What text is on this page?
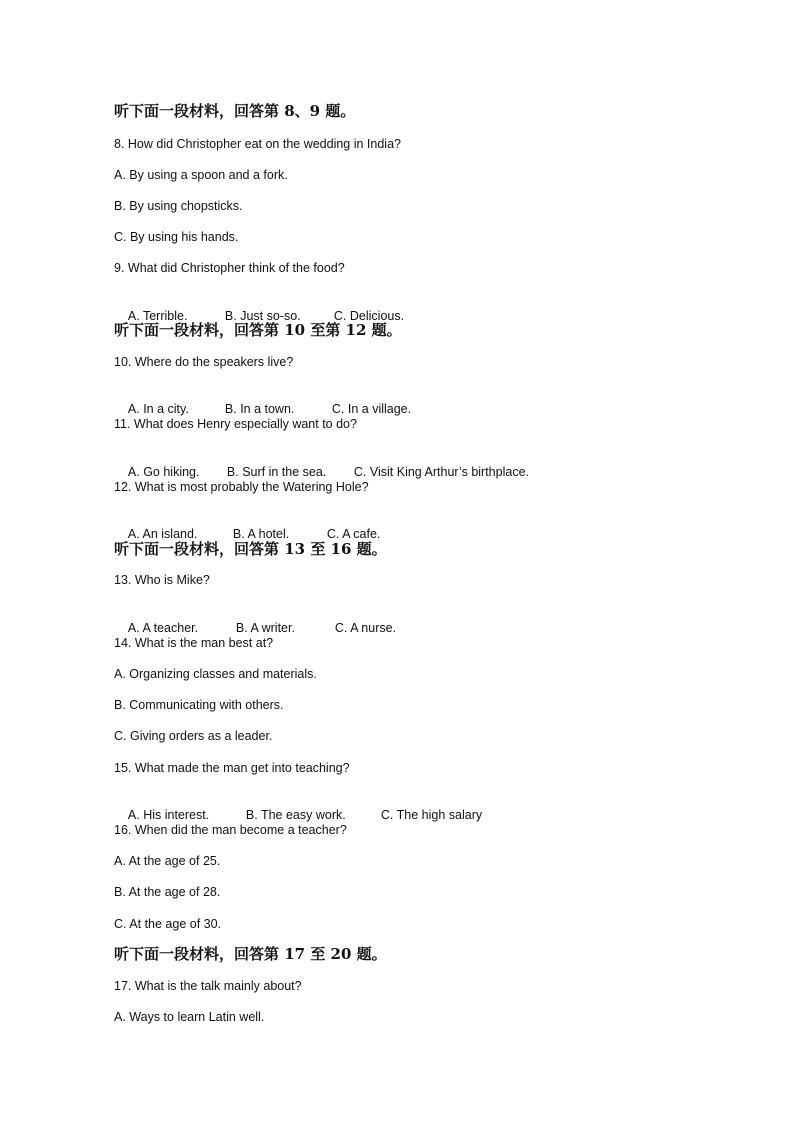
听下面一段材料，回答第 8、9 题。
8. How did Christopher eat on the wedding in India?
A. By using a spoon and a fork.
B. By using chopsticks.
C. By using his hands.
9. What did Christopher think of the food?

A. Terrible.	B. Just so-so.	C. Delicious.

听下面一段材料，回答第 10 至第 12 题。
10. Where do the speakers live?

A. In a city.	B. In a town.	C. In a village.

11. What does Henry especially want to do?

A. Go hiking. B. Surf in the sea. C. Visit King Arthur’s birthplace.

12. What is most probably the Watering Hole?

A. An island.	B. A hotel.	C. A cafe.

听下面一段材料，回答第 13 至 16 题。
13. Who is Mike?

A. A teacher.	B. A writer.	C. A nurse.

14. What is the man best at?
A. Organizing classes and materials.
B. Communicating with others.
C. Giving orders as a leader.
15. What made the man get into teaching?

A. His interest.	B. The easy work.	C. The high salary

16. When did the man become a teacher?
A. At the age of 25.
B. At the age of 28.
C. At the age of 30.
听下面一段材料，回答第 17 至 20 题。
17. What is the talk mainly about?
A. Ways to learn Latin well.
